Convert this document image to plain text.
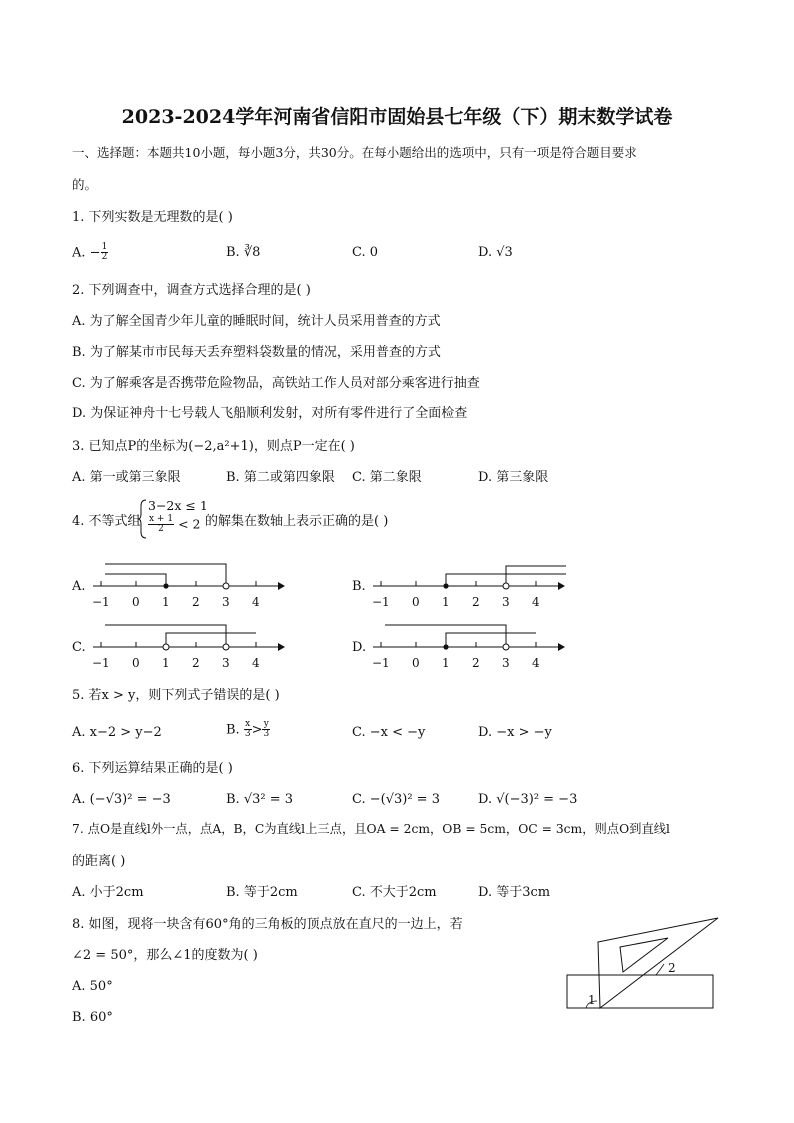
2023-2024学年河南省信阳市固始县七年级（下）期末数学试卷
一、选择题：本题共10小题，每小题3分，共30分。在每小题给出的选项中，只有一项是符合题目要求
的。
1. 下列实数是无理数的是( )
A. − $\frac{1}{2}$	B. ∛8	C. 0	D. √3
2. 下列调查中，调查方式选择合理的是( )
A. 为了解全国青少年儿童的睡眠时间，统计人员采用普查的方式
B. 为了解某市市民每天丢弃塑料袋数量的情况，采用普查的方式
C. 为了解乘客是否携带危险物品，高铁站工作人员对部分乘客进行抽查
D. 为保证神舟十七号载人飞船顺利发射，对所有零件进行了全面检查
3. 已知点P的坐标为(−2,a²+1)，则点P一定在( )
A. 第一或第三象限	B. 第二或第四象限 C. 第二象限	D. 第三象限
4. 不等式组
3−2x ≤ 1
$\frac{x + 1}{2} < 2$ 的解集在数轴上表示正确的是( )
A.	B.
C.	D.
−1 0 1 2 3 4	−1 0 1 2 3 4
−1 0 1 2 3 4	−1 0 1 2 3 4
5. 若x > y，则下列式子错误的是( )
A. x−2 > y−2	B. $\frac{x}{3} > \frac{y}{3}$	C. −x < −y	D. −x > −y
6. 下列运算结果正确的是( )
A. (−√3)² = −3	B. √3² = 3	C. −(√3)² = 3	D. √(−3)² = −3
7. 点O是直线l外一点，点A，B，C为直线l上三点，且OA = 2cm，OB = 5cm，OC = 3cm，则点O到直线l
的距离( )
A. 小于2cm	B. 等于2cm	C. 不大于2cm	D. 等于3cm
8. 如图，现将一块含有60°角的三角板的顶点放在直尺的一边上，若
∠2 = 50°，那么∠1的度数为( )
A. 50°
B. 60°
2
1
